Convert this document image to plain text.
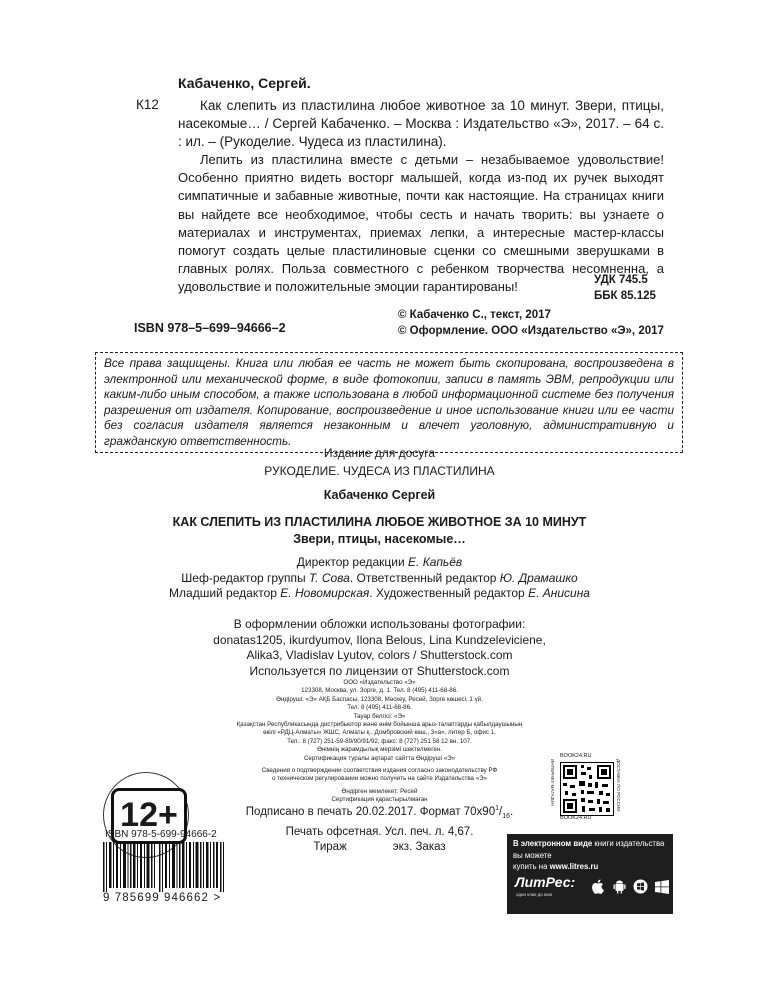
Кабаченко, Сергей.
К12	Как слепить из пластилина любое животное за 10 минут. Звери, птицы, насекомые… / Сергей Кабаченко. – Москва : Издательство «Э», 2017. – 64 с. : ил. – (Рукоделие. Чудеса из пластилина).
Лепить из пластилина вместе с детьми – незабываемое удовольствие! Особенно приятно видеть восторг малышей, когда из-под их ручек выходят симпатичные и забавные животные, почти как настоящие. На страницах книги вы найдете все необходимое, чтобы сесть и начать творить: вы узнаете о материалах и инструментах, приемах лепки, а интересные мастер-классы помогут создать целые пластилиновые сценки со смешными зверушками в главных ролях. Польза совместного с ребенком творчества несомненна, а удовольствие и положительные эмоции гарантированы!	УДК 745.5
ББК 85.125
© Кабаченко С., текст, 2017
© Оформление. ООО «Издательство «Э», 2017
ISBN 978–5–699–94666–2
Все права защищены. Книга или любая ее часть не может быть скопирована, воспроизведена в электронной или механической форме, в виде фотокопии, записи в память ЭВМ, репродукции или каким-либо иным способом, а также использована в любой информационной системе без получения разрешения от издателя. Копирование, воспроизведение и иное использование книги или ее части без согласия издателя является незаконным и влечет уголовную, административную и гражданскую ответственность.
Издание для досуга
РУКОДЕЛИЕ. ЧУДЕСА ИЗ ПЛАСТИЛИНА
Кабаченко Сергей
КАК СЛЕПИТЬ ИЗ ПЛАСТИЛИНА ЛЮБОЕ ЖИВОТНОЕ ЗА 10 МИНУТ
Звери, птицы, насекомые…
Директор редакции Е. Капьёв
Шеф-редактор группы Т. Сова. Ответственный редактор Ю. Драмашко
Младший редактор Е. Новомирская. Художественный редактор Е. Анисина
В оформлении обложки использованы фотографии:
donatas1205, ikurdyumov, Ilona Belous, Lina Kundzeleviciene,
Alika3, Vladislav Lyutov, colors / Shutterstock.com
Используется по лицензии от Shutterstock.com
ООО «Издательство «Э»
123308, Москва, ул. Зорге, д. 1. Тел. 8 (495) 411-68-86.
Өндіруші: «Э» АҚБ Баспасы, 123308, Мәскеу, Ресей, Зорге көшесі, 1 үй.
Тел. 8 (495) 411-68-86.
Тауар белгісі: «Э»
Қазақстан Республикасында дистрибьютор және өнім бойынша арыз-талаптарды қабылдаушының
өкілі «РДЦ-Алматы» ЖШС, Алматы қ., Домбровский көш., 3«а», литер Б, офис 1.
Тел.: 8 (727) 251-59-89/90/91/92, факс: 8 (727) 251 58 12 вн. 107.
Өнімнің жарамдылық мерзімі шектелмеген.
Сертификация туралы ақпарат сайтта Өндіруші «Э»
Сведения о подтверждении соответствия издания согласно законодательству РФ
о техническом регулировании можно получить на сайте Издательства «Э»
Өндірген мемлекет: Ресей
Сертификация қарастырылмаған
Подписано в печать 20.02.2017. Формат $70x90^1/_{16}$.
Печать офсетная. Усл. печ. л. 4,67.
Тираж	экз. Заказ
12+
ISBN 978-5-699-94666-2
9 785699 946662 >
BOOK24.RU
ИНТЕРНЕТ-МАГАЗИН	ДОСТАВКА ПО РОССИИ
BOOK24.RU
В электронном виде книги издательства вы можете
купить на www.litres.ru
ЛитРес:
один клик до книг
